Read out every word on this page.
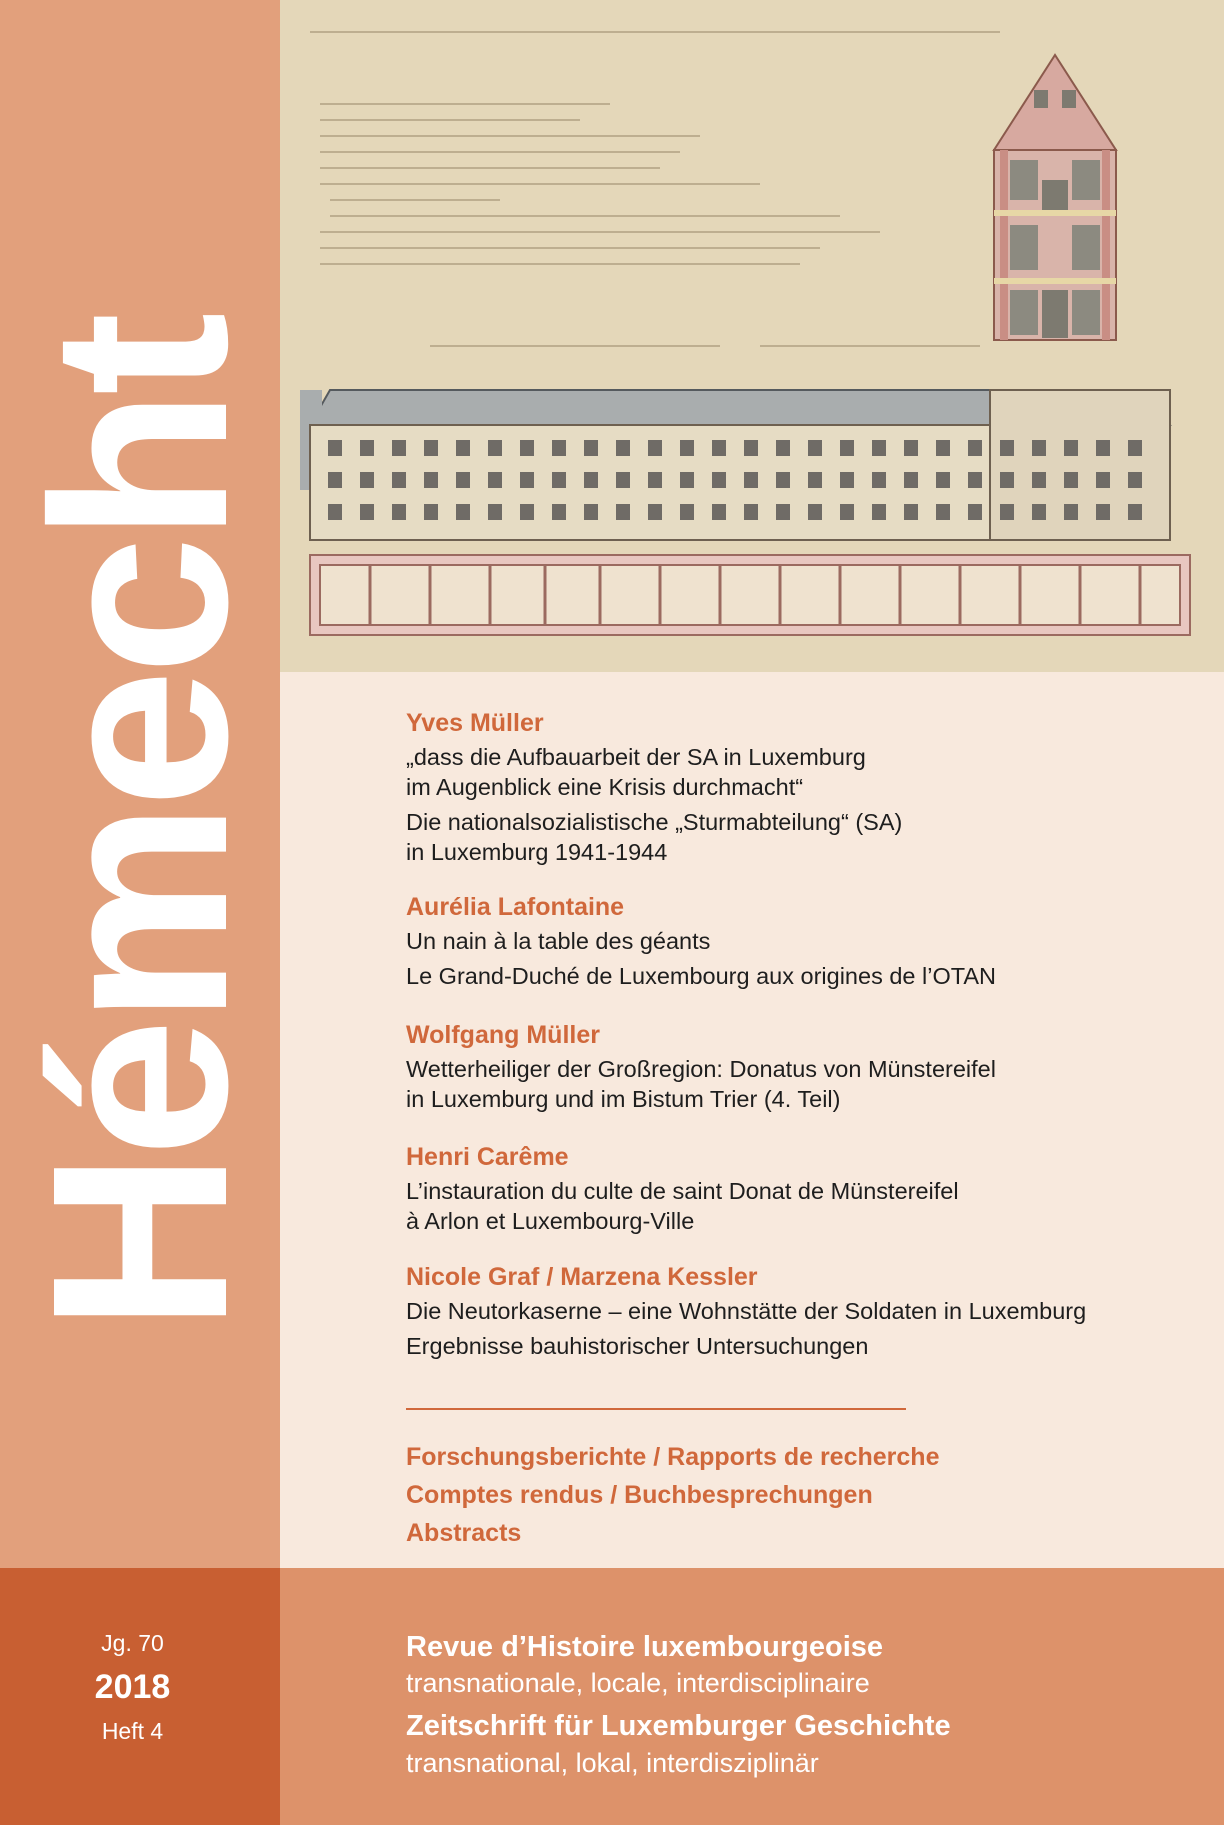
Hémecht	Yves Müller
„dass die Aufbauarbeit der SA in Luxemburg
im Augenblick eine Krisis durchmacht“
Die nationalsozialistische „Sturmabteilung“ (SA)
in Luxemburg 1941-1944
Aurélia Lafontaine
Un nain à la table des géants
Le Grand-Duché de Luxembourg aux origines de l’OTAN
Wolfgang Müller
Wetterheiliger der Großregion: Donatus von Münstereifel
in Luxemburg und im Bistum Trier (4. Teil)
Henri Carême
L’instauration du culte de saint Donat de Münstereifel
à Arlon et Luxembourg-Ville
Nicole Graf / Marzena Kessler
Die Neutorkaserne – eine Wohnstätte der Soldaten in Luxemburg
Ergebnisse bauhistorischer Untersuchungen
Forschungsberichte / Rapports de recherche
Comptes rendus / Buchbesprechungen
Abstracts
Jg. 70
2018
Heft 4
Revue d’Histoire luxembourgeoise
transnationale, locale, interdisciplinaire
Zeitschrift für Luxemburger Geschichte
transnational, lokal, interdisziplinär
